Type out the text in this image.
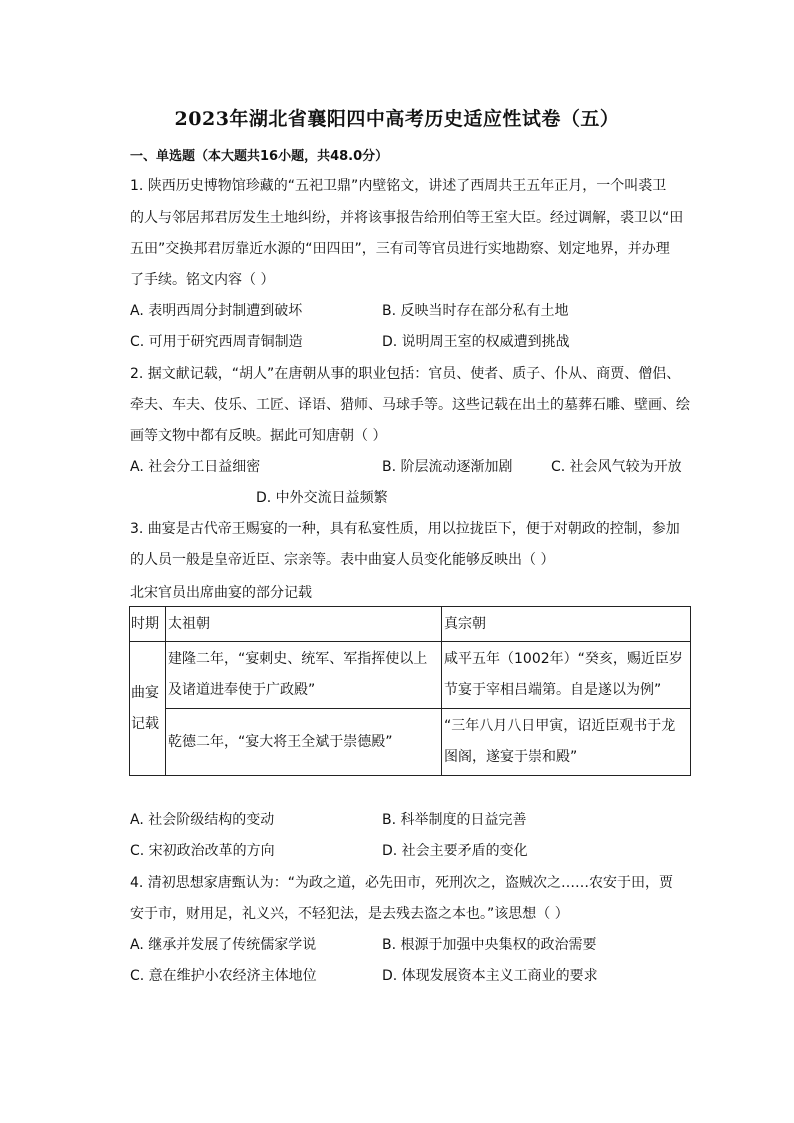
2023年湖北省襄阳四中高考历史适应性试卷（五）
一、单选题（本大题共16小题，共48.0分）
1. 陕西历史博物馆珍藏的“五祀卫鼎”内壁铭文，讲述了西周共王五年正月，一个叫裘卫
的人与邻居邦君厉发生土地纠纷，并将该事报告给刑伯等王室大臣。经过调解，裘卫以“田
五田”交换邦君厉靠近水源的“田四田”，三有司等官员进行实地勘察、划定地界，并办理
了手续。铭文内容（ ）
A. 表明西周分封制遭到破坏	B. 反映当时存在部分私有土地
C. 可用于研究西周青铜制造	D. 说明周王室的权威遭到挑战
2. 据文献记载，“胡人”在唐朝从事的职业包括：官员、使者、质子、仆从、商贾、僧侣、
牵夫、车夫、伎乐、工匠、译语、猎师、马球手等。这些记载在出土的墓葬石雕、壁画、绘
画等文物中都有反映。据此可知唐朝（ ）
A. 社会分工日益细密	B. 阶层流动逐渐加剧	C. 社会风气较为开放
D. 中外交流日益频繁
3. 曲宴是古代帝王赐宴的一种，具有私宴性质，用以拉拢臣下，便于对朝政的控制，参加
的人员一般是皇帝近臣、宗亲等。表中曲宴人员变化能够反映出（ ）
北宋官员出席曲宴的部分记载
时期	太祖朝	真宗朝

曲宴记载	建隆二年，“宴刺史、统军、军指挥使以上及诸道进奉使于广政殿”	咸平五年（1002年）“癸亥，赐近臣岁节宴于宰相吕端第。自是遂以为例”

	乾德二年，“宴大将王全斌于崇德殿”	“三年八月八日甲寅，诏近臣观书于龙图阁，遂宴于崇和殿”
A. 社会阶级结构的变动	B. 科举制度的日益完善
C. 宋初政治改革的方向	D. 社会主要矛盾的变化
4. 清初思想家唐甄认为：“为政之道，必先田市，死刑次之，盗贼次之……农安于田，贾
安于市，财用足，礼义兴，不轻犯法，是去残去盗之本也。”该思想（ ）
A. 继承并发展了传统儒家学说	B. 根源于加强中央集权的政治需要
C. 意在维护小农经济主体地位	D. 体现发展资本主义工商业的要求
